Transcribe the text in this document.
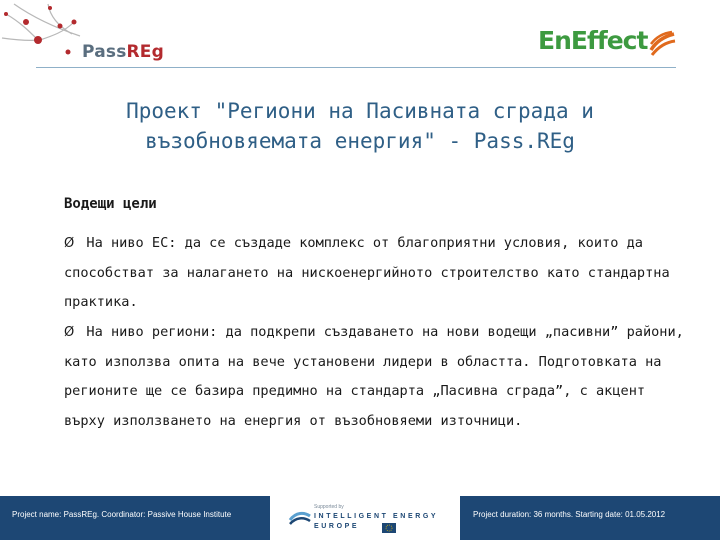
PassREg	EnEffect
Проект "Региони на Пасивната сграда и
възобновяемата енергия" - Pass.REg
Водещи цели
Ø На ниво ЕС: да се създаде комплекс от благоприятни условия, които да способстват за налагането на нискоенергийното строителство като стандартна практика.
Ø На ниво региони: да подкрепи създаването на нови водещи „пасивни” райони, като използва опита на вече установени лидери в областта. Подготовката на регионите ще се базира предимно на стандарта „Пасивна сграда”, с акцент върху използването на енергия от възобновяеми източници.
Project name: PassREg. Coordinator: Passive House Institute
Supported by
INTELLIGENT ENERGY
EUROPE
Project duration: 36 months. Starting date: 01.05.2012
